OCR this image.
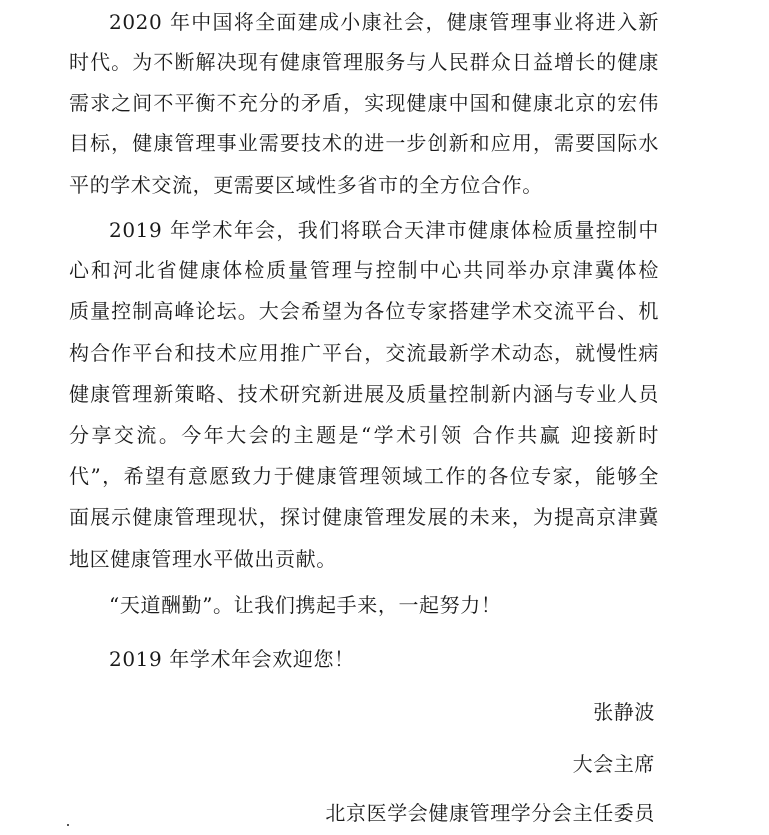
2020 年中国将全面建成小康社会，健康管理事业将进入新
时代。为不断解决现有健康管理服务与人民群众日益增长的健康
需求之间不平衡不充分的矛盾，实现健康中国和健康北京的宏伟
目标，健康管理事业需要技术的进一步创新和应用，需要国际水
平的学术交流，更需要区域性多省市的全方位合作。
2019 年学术年会，我们将联合天津市健康体检质量控制中
心和河北省健康体检质量管理与控制中心共同举办京津冀体检
质量控制高峰论坛。大会希望为各位专家搭建学术交流平台、机
构合作平台和技术应用推广平台，交流最新学术动态，就慢性病
健康管理新策略、技术研究新进展及质量控制新内涵与专业人员
分享交流。今年大会的主题是“学术引领 合作共赢 迎接新时
代”，希望有意愿致力于健康管理领域工作的各位专家，能够全
面展示健康管理现状，探讨健康管理发展的未来，为提高京津冀
地区健康管理水平做出贡献。
“天道酬勤”。让我们携起手来，一起努力！
2019 年学术年会欢迎您！
张静波
大会主席
北京医学会健康管理学分会主任委员
